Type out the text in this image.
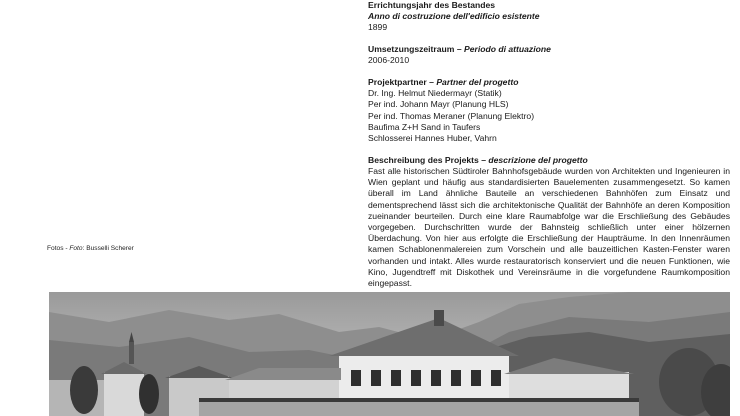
Errichtungsjahr des Bestandes
Anno di costruzione dell'edificio esistente
1899
Umsetzungszeitraum – Periodo di attuazione
2006-2010
Projektpartner – Partner del progetto
Dr. Ing. Helmut Niedermayr (Statik)
Per ind. Johann Mayr (Planung HLS)
Per ind. Thomas Meraner (Planung Elektro)
Baufima Z+H Sand in Taufers
Schlosserei Hannes Huber, Vahrn
Beschreibung des Projekts – descrizione del progetto

Fast alle historischen Südtiroler Bahnhofsgebäude wurden von Architekten und Ingenieuren in Wien geplant und häufig aus standardisierten Bauelementen zusammengesetzt. So kamen überall im Land ähnliche Bauteile an verschiedenen Bahnhöfen zum Einsatz und dementsprechend lässt sich die architektonische Qualität der Bahnhöfe an deren Komposition zueinander beurteilen. Durch eine klare Raumabfolge war die Erschließung des Gebäudes vorgegeben. Durchschritten wurde der Bahnsteig schließlich unter einer hölzernen Überdachung. Von hier aus erfolgte die Erschließung der Haupträume. In den Innenräumen kamen Schablonenmalereien zum Vorschein und alle bauzeitlichen Kasten-Fenster waren vorhanden und intakt. Alles wurde restauratorisch konserviert und die neuen Funktionen, wie Kino, Jugendtreff mit Diskothek und Vereinsräume in die vorgefundene Raumkomposition eingepasst.

Fotos - Foto: Busselli Scherer
